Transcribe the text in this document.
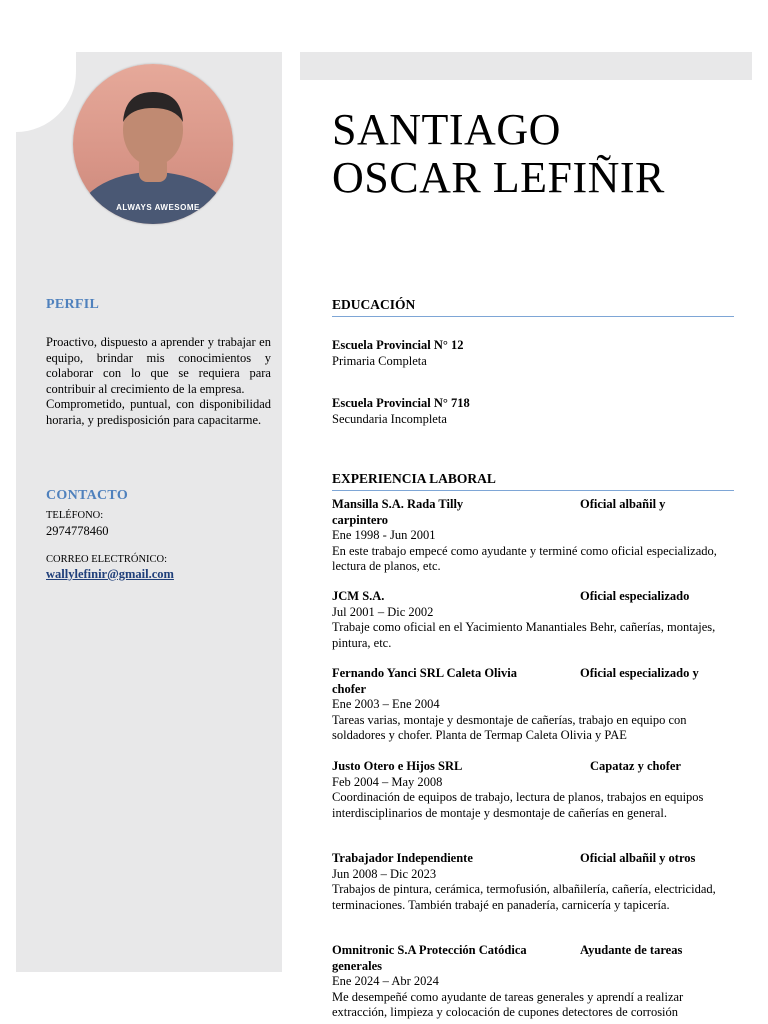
ALWAYS AWESOME
SANTIAGO
OSCAR LEFIÑIR
PERFIL

Proactivo, dispuesto a aprender y trabajar en equipo, brindar mis conocimientos y colaborar con lo que se requiera para contribuir al crecimiento de la empresa.

Comprometido, puntual, con disponibilidad horaria, y predisposición para capacitarme.

CONTACTO
TELÉFONO:
2974778460
CORREO ELECTRÓNICO:
wallylefinir@gmail.com
EDUCACIÓN
Escuela Provincial N° 12
Primaria Completa
Escuela Provincial N° 718
Secundaria Incompleta
EXPERIENCIA LABORAL
Mansilla S.A. Rada Tilly	Oficial albañil y
carpintero
Ene 1998 - Jun 2001
En este trabajo empecé como ayudante y terminé como oficial especializado, lectura de planos, etc.
JCM S.A.	Oficial especializado
Jul 2001 – Dic 2002
Trabaje como oficial en el Yacimiento Manantiales Behr, cañerías, montajes, pintura, etc.
Fernando Yanci SRL Caleta Olivia	Oficial especializado y
chofer
Ene 2003 – Ene 2004
Tareas varias, montaje y desmontaje de cañerías, trabajo en equipo con soldadores y chofer. Planta de Termap Caleta Olivia y PAE
Justo Otero e Hijos SRL	Capataz y chofer
Feb 2004 – May 2008
Coordinación de equipos de trabajo, lectura de planos, trabajos en equipos interdisciplinarios de montaje y desmontaje de cañerías en general.
Trabajador Independiente	Oficial albañil y otros
Jun 2008 – Dic 2023
Trabajos de pintura, cerámica, termofusión, albañilería, cañería, electricidad, terminaciones. También trabajé en panadería, carnicería y tapicería.
Omnitronic S.A Protección Catódica	Ayudante de tareas
generales
Ene 2024 – Abr 2024
Me desempeñé como ayudante de tareas generales y aprendí a realizar extracción, limpieza y colocación de cupones detectores de corrosión
